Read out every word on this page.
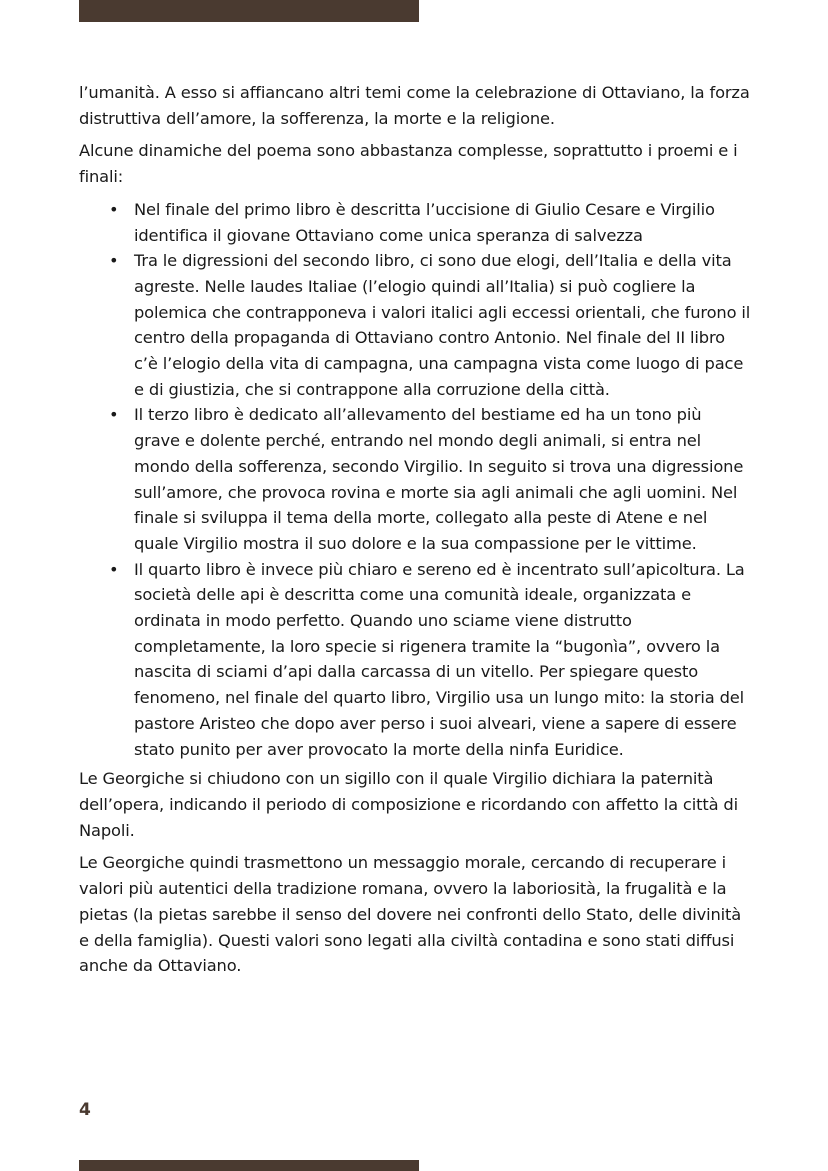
l’umanità. A esso si affiancano altri temi come la celebrazione di Ottaviano, la forza distruttiva dell’amore, la sofferenza, la morte e la religione.

Alcune dinamiche del poema sono abbastanza complesse, soprattutto i proemi e i finali:

• Nel finale del primo libro è descritta l’uccisione di Giulio Cesare e Virgilio identifica il giovane Ottaviano come unica speranza di salvezza
• Tra le digressioni del secondo libro, ci sono due elogi, dell’Italia e della vita agreste. Nelle laudes Italiae (l’elogio quindi all’Italia) si può cogliere la polemica che contrapponeva i valori italici agli eccessi orientali, che furono il centro della propaganda di Ottaviano contro Antonio. Nel finale del II libro c’è l’elogio della vita di campagna, una campagna vista come luogo di pace e di giustizia, che si contrappone alla corruzione della città.
• Il terzo libro è dedicato all’allevamento del bestiame ed ha un tono più grave e dolente perché, entrando nel mondo degli animali, si entra nel mondo della sofferenza, secondo Virgilio. In seguito si trova una digressione sull’amore, che provoca rovina e morte sia agli animali che agli uomini. Nel finale si sviluppa il tema della morte, collegato alla peste di Atene e nel quale Virgilio mostra il suo dolore e la sua compassione per le vittime.
• Il quarto libro è invece più chiaro e sereno ed è incentrato sull’apicoltura. La società delle api è descritta come una comunità ideale, organizzata e ordinata in modo perfetto. Quando uno sciame viene distrutto completamente, la loro specie si rigenera tramite la “bugonìa”, ovvero la nascita di sciami d’api dalla carcassa di un vitello. Per spiegare questo fenomeno, nel finale del quarto libro, Virgilio usa un lungo mito: la storia del pastore Aristeo che dopo aver perso i suoi alveari, viene a sapere di essere stato punito per aver provocato la morte della ninfa Euridice.

Le Georgiche si chiudono con un sigillo con il quale Virgilio dichiara la paternità dell’opera, indicando il periodo di composizione e ricordando con affetto la città di Napoli.

Le Georgiche quindi trasmettono un messaggio morale, cercando di recuperare i valori più autentici della tradizione romana, ovvero la laboriosità, la frugalità e la pietas (la pietas sarebbe il senso del dovere nei confronti dello Stato, delle divinità e della famiglia). Questi valori sono legati alla civiltà contadina e sono stati diffusi anche da Ottaviano.

4
